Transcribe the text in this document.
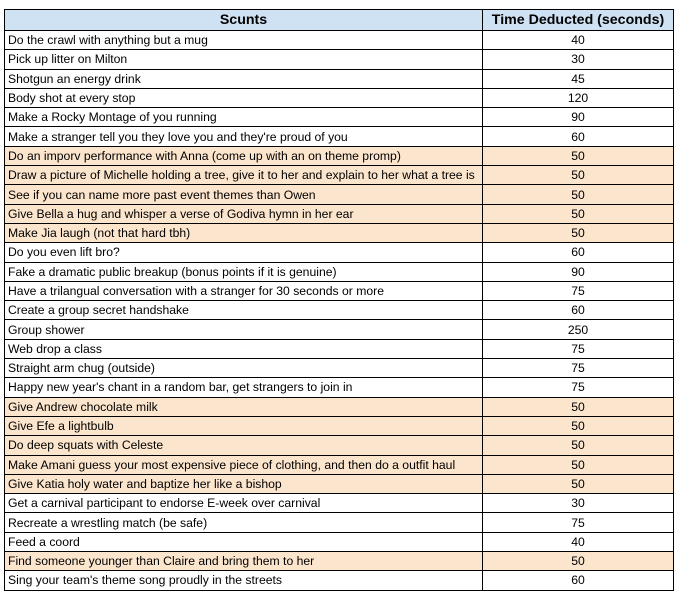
Scunts	Time Deducted (seconds)
Do the crawl with anything but a mug	40
Pick up litter on Milton	30
Shotgun an energy drink	45
Body shot at every stop	120
Make a Rocky Montage of you running	90
Make a stranger tell you they love you and they're proud of you	60
Do an imporv performance with Anna (come up with an on theme promp)	50
Draw a picture of Michelle holding a tree, give it to her and explain to her what a tree is	50
See if you can name more past event themes than Owen	50
Give Bella a hug and whisper a verse of Godiva hymn in her ear	50
Make Jia laugh (not that hard tbh)	50
Do you even lift bro?	60
Fake a dramatic public breakup (bonus points if it is genuine)	90
Have a trilangual conversation with a stranger for 30 seconds or more	75
Create a group secret handshake	60
Group shower	250
Web drop a class	75
Straight arm chug (outside)	75
Happy new year's chant in a random bar, get strangers to join in	75
Give Andrew chocolate milk	50
Give Efe a lightbulb	50
Do deep squats with Celeste	50
Make Amani guess your most expensive piece of clothing, and then do a outfit haul	50
Give Katia holy water and baptize her like a bishop	50
Get a carnival participant to endorse E-week over carnival	30
Recreate a wrestling match (be safe)	75
Feed a coord	40
Find someone younger than Claire and bring them to her	50
Sing your team's theme song proudly in the streets	60
